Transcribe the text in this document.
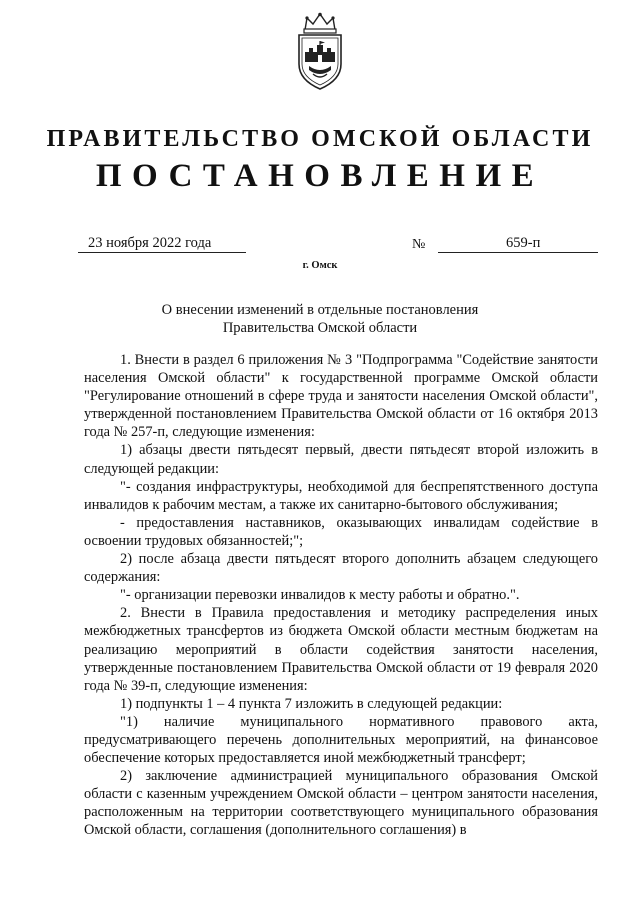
ПРАВИТЕЛЬСТВО ОМСКОЙ ОБЛАСТИ
ПОСТАНОВЛЕНИЕ
23 ноября 2022 года	№	659-п
г. Омск
О внесении изменений в отдельные постановления
Правительства Омской области

1. Внести в раздел 6 приложения № 3 "Подпрограмма "Содействие занятости населения Омской области" к государственной программе Омской области "Регулирование отношений в сфере труда и занятости населения Омской области", утвержденной постановлением Правительства Омской области от 16 октября 2013 года № 257-п, следующие изменения:

1) абзацы двести пятьдесят первый, двести пятьдесят второй изложить в следующей редакции:

"- создания инфраструктуры, необходимой для беспрепятственного доступа инвалидов к рабочим местам, а также их санитарно-бытового обслуживания;

- предоставления наставников, оказывающих инвалидам содействие в освоении трудовых обязанностей;";

2) после абзаца двести пятьдесят второго дополнить абзацем следующего содержания:

"- организации перевозки инвалидов к месту работы и обратно.".

2. Внести в Правила предоставления и методику распределения иных межбюджетных трансфертов из бюджета Омской области местным бюджетам на реализацию мероприятий в области содействия занятости населения, утвержденные постановлением Правительства Омской области от 19 февраля 2020 года № 39-п, следующие изменения:

1) подпункты 1 – 4 пункта 7 изложить в следующей редакции:

"1) наличие муниципального нормативного правового акта, предусматривающего перечень дополнительных мероприятий, на финансовое обеспечение которых предоставляется иной межбюджетный трансферт;

2) заключение администрацией муниципального образования Омской области с казенным учреждением Омской области – центром занятости населения, расположенным на территории соответствующего муниципального образования Омской области, соглашения (дополнительного соглашения) в
